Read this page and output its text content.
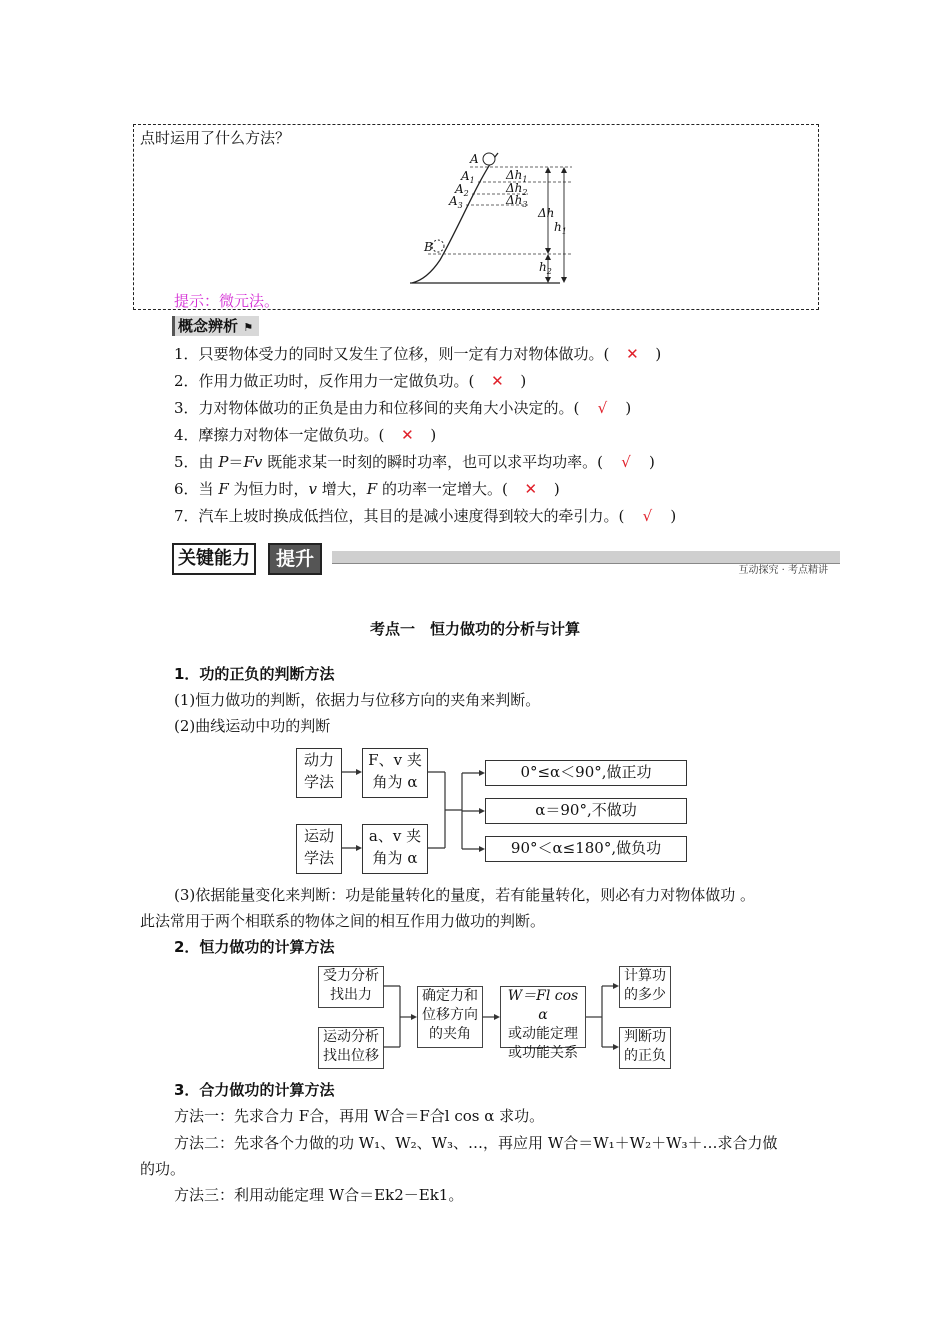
点时运用了什么方法？
A
$A_1$
$A_2$
$A_3$
B
$\Delta h_1$
$\Delta h_2$
$\Delta h_3$
Δh
$h_1$
$h_2$
提示：微元法。
概念辨析 ⚑
1．只要物体受力的同时又发生了位移，则一定有力对物体做功。( ✕ )
2．作用力做正功时，反作用力一定做负功。( ✕ )
3．力对物体做功的正负是由力和位移间的夹角大小决定的。( √ )
4．摩擦力对物体一定做负功。( ✕ )
5．由 P＝Fv 既能求某一时刻的瞬时功率，也可以求平均功率。( √ )
6．当 F 为恒力时，v 增大，F 的功率一定增大。( ✕ )
7．汽车上坡时换成低挡位，其目的是减小速度得到较大的牵引力。( √ )
互动探究 · 考点精讲
关键能力	提升
考点一　恒力做功的分析与计算
1．功的正负的判断方法
(1)恒力做功的判断，依据力与位移方向的夹角来判断。
(2)曲线运动中功的判断
动力
学法
F、v 夹
角为 α
运动
学法
a、v 夹
角为 α
0°≤α＜90°,做正功
α＝90°,不做功
90°＜α≤180°,做负功
(3)依据能量变化来判断：功是能量转化的量度，若有能量转化，则必有力对物体做功 。
此法常用于两个相联系的物体之间的相互作用力做功的判断。
2．恒力做功的计算方法
受力分析
找出力
运动分析
找出位移
确定力和
位移方向
的夹角
W＝Fl cos α
或动能定理
或功能关系
计算功
的多少
判断功
的正负
3．合力做功的计算方法
方法一：先求合力 F合，再用 W合＝F合l cos α 求功。
方法二：先求各个力做的功 W₁、W₂、W₃、…，再应用 W合＝W₁＋W₂＋W₃＋…求合力做
的功。
方法三：利用动能定理 W合＝Ek2－Ek1。
